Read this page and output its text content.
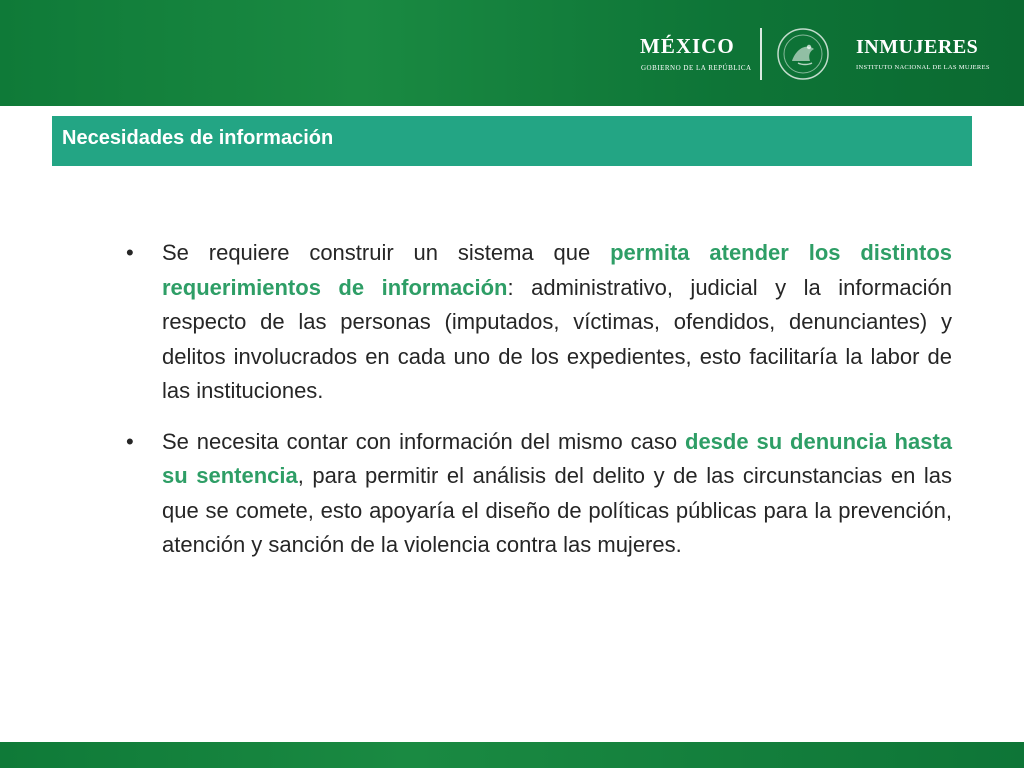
MÉXICO
GOBIERNO DE LA REPÚBLICA
INMUJERES
INSTITUTO NACIONAL DE LAS MUJERES
Necesidades de información
• Se requiere construir un sistema que permita atender los distintos requerimientos de información: administrativo, judicial y la información respecto de las personas (imputados, víctimas, ofendidos, denunciantes) y delitos involucrados en cada uno de los expedientes, esto facilitaría la labor de las instituciones.
• Se necesita contar con información del mismo caso desde su denuncia hasta su sentencia, para permitir el análisis del delito y de las circunstancias en las que se comete, esto apoyaría el diseño de políticas públicas para la prevención, atención y sanción de la violencia contra las mujeres.
